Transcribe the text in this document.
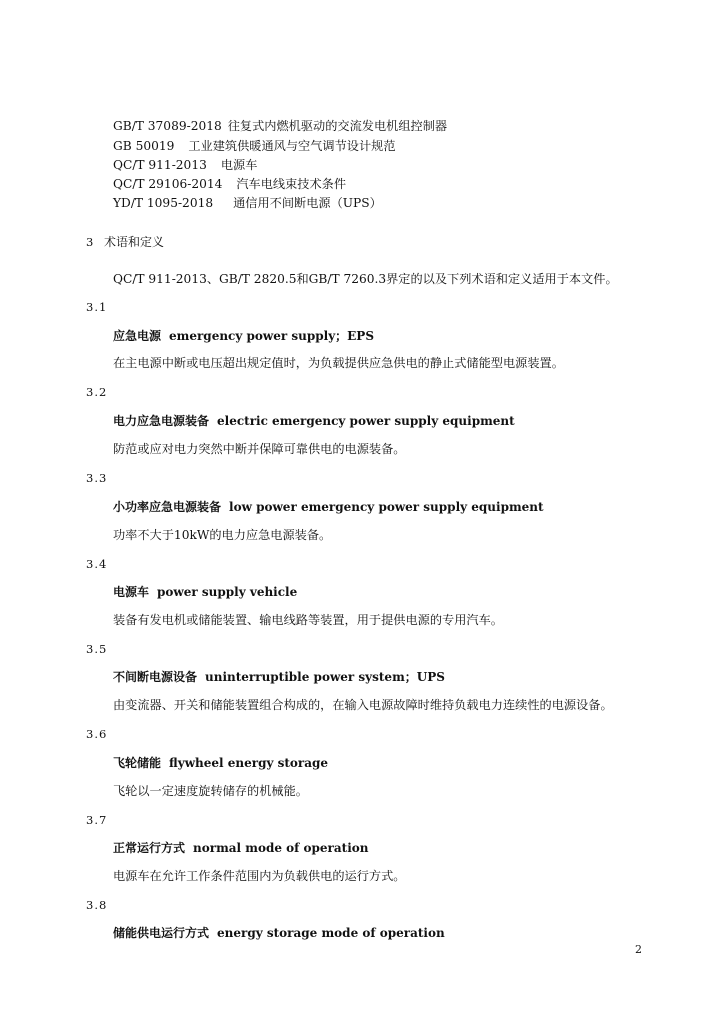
GB/T 37089-2018 往复式内燃机驱动的交流发电机组控制器
GB 50019 工业建筑供暖通风与空气调节设计规范
QC/T 911-2013 电源车
QC/T 29106-2014 汽车电线束技术条件
YD/T 1095-2018 通信用不间断电源（UPS）
3 术语和定义
QC/T 911-2013、GB/T 2820.5和GB/T 7260.3界定的以及下列术语和定义适用于本文件。
3.1
应急电源 emergency power supply；EPS
在主电源中断或电压超出规定值时，为负载提供应急供电的静止式储能型电源装置。
3.2
电力应急电源装备 electric emergency power supply equipment
防范或应对电力突然中断并保障可靠供电的电源装备。
3.3
小功率应急电源装备 low power emergency power supply equipment
功率不大于10kW的电力应急电源装备。
3.4
电源车 power supply vehicle
装备有发电机或储能装置、输电线路等装置，用于提供电源的专用汽车。
3.5
不间断电源设备 uninterruptible power system；UPS
由变流器、开关和储能装置组合构成的，在输入电源故障时维持负载电力连续性的电源设备。
3.6
飞轮储能 flywheel energy storage
飞轮以一定速度旋转储存的机械能。
3.7
正常运行方式 normal mode of operation
电源车在允许工作条件范围内为负载供电的运行方式。
3.8
储能供电运行方式 energy storage mode of operation
2
